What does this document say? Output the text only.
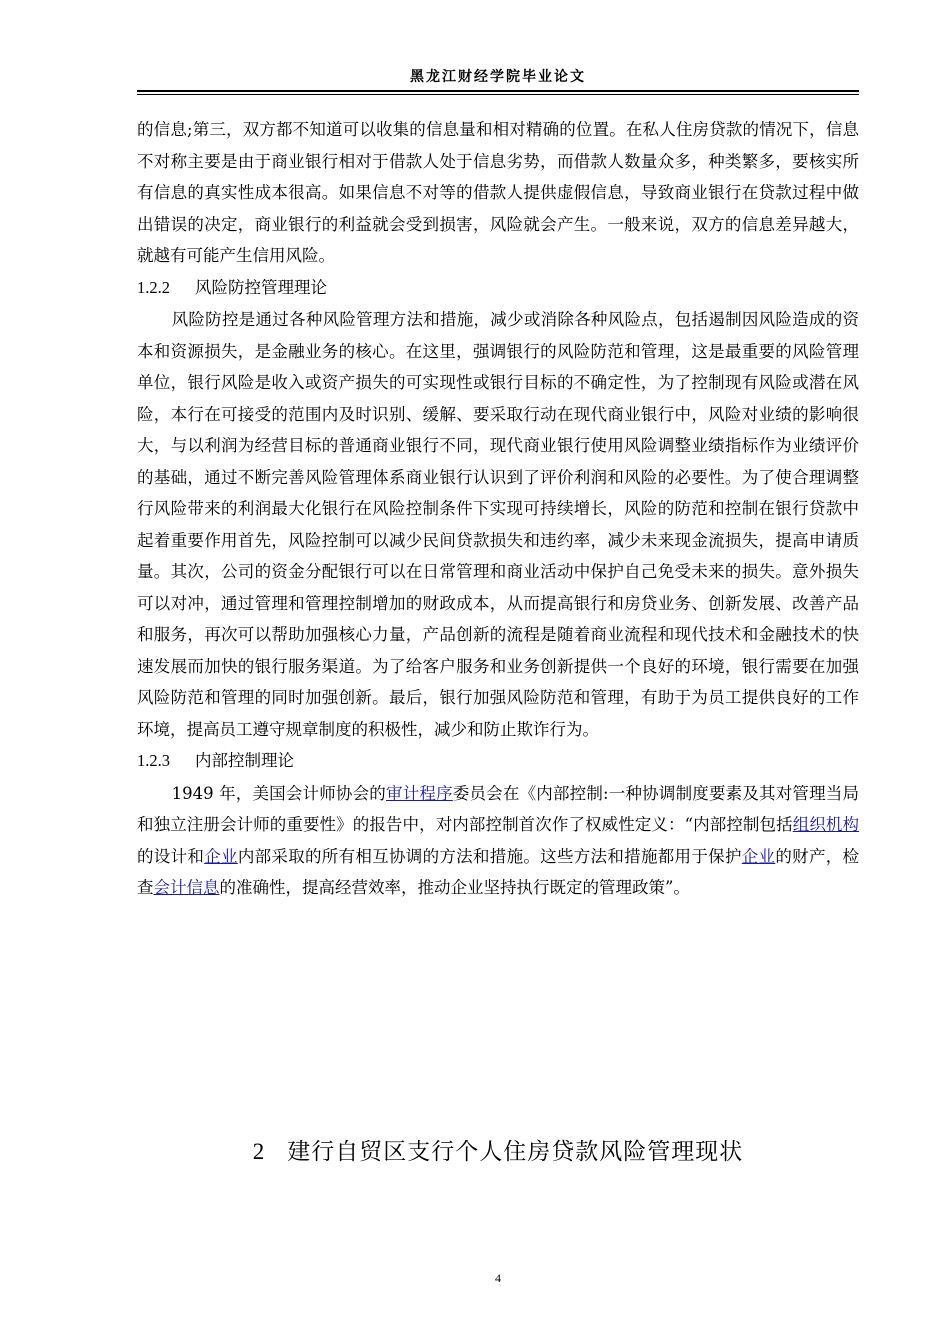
黑龙江财经学院毕业论文

的信息;第三，双方都不知道可以收集的信息量和相对精确的位置。在私人住房贷款的情况下，信息不对称主要是由于商业银行相对于借款人处于信息劣势，而借款人数量众多，种类繁多，要核实所有信息的真实性成本很高。如果信息不对等的借款人提供虚假信息，导致商业银行在贷款过程中做出错误的决定，商业银行的利益就会受到损害，风险就会产生。一般来说，双方的信息差异越大，就越有可能产生信用风险。

1.2.2 风险防控管理理论

风险防控是通过各种风险管理方法和措施，减少或消除各种风险点，包括遏制因风险造成的资本和资源损失，是金融业务的核心。在这里，强调银行的风险防范和管理，这是最重要的风险管理单位，银行风险是收入或资产损失的可实现性或银行目标的不确定性，为了控制现有风险或潜在风险，本行在可接受的范围内及时识别、缓解、要采取行动在现代商业银行中，风险对业绩的影响很大，与以利润为经营目标的普通商业银行不同，现代商业银行使用风险调整业绩指标作为业绩评价的基础，通过不断完善风险管理体系商业银行认识到了评价利润和风险的必要性。为了使合理调整行风险带来的利润最大化银行在风险控制条件下实现可持续增长，风险的防范和控制在银行贷款中起着重要作用首先，风险控制可以减少民间贷款损失和违约率，减少未来现金流损失，提高申请质量。其次，公司的资金分配银行可以在日常管理和商业活动中保护自己免受未来的损失。意外损失可以对冲，通过管理和管理控制增加的财政成本，从而提高银行和房贷业务、创新发展、改善产品和服务，再次可以帮助加强核心力量，产品创新的流程是随着商业流程和现代技术和金融技术的快速发展而加快的银行服务渠道。为了给客户服务和业务创新提供一个良好的环境，银行需要在加强风险防范和管理的同时加强创新。最后，银行加强风险防范和管理，有助于为员工提供良好的工作环境，提高员工遵守规章制度的积极性，减少和防止欺诈行为。

1.2.3 内部控制理论

1949 年，美国会计师协会的审计程序委员会在《内部控制:一种协调制度要素及其对管理当局和独立注册会计师的重要性》的报告中，对内部控制首次作了权威性定义：“内部控制包括组织机构的设计和企业内部采取的所有相互协调的方法和措施。这些方法和措施都用于保护企业的财产，检查会计信息的准确性，提高经营效率，推动企业坚持执行既定的管理政策”。

2 建行自贸区支行个人住房贷款风险管理现状
4
